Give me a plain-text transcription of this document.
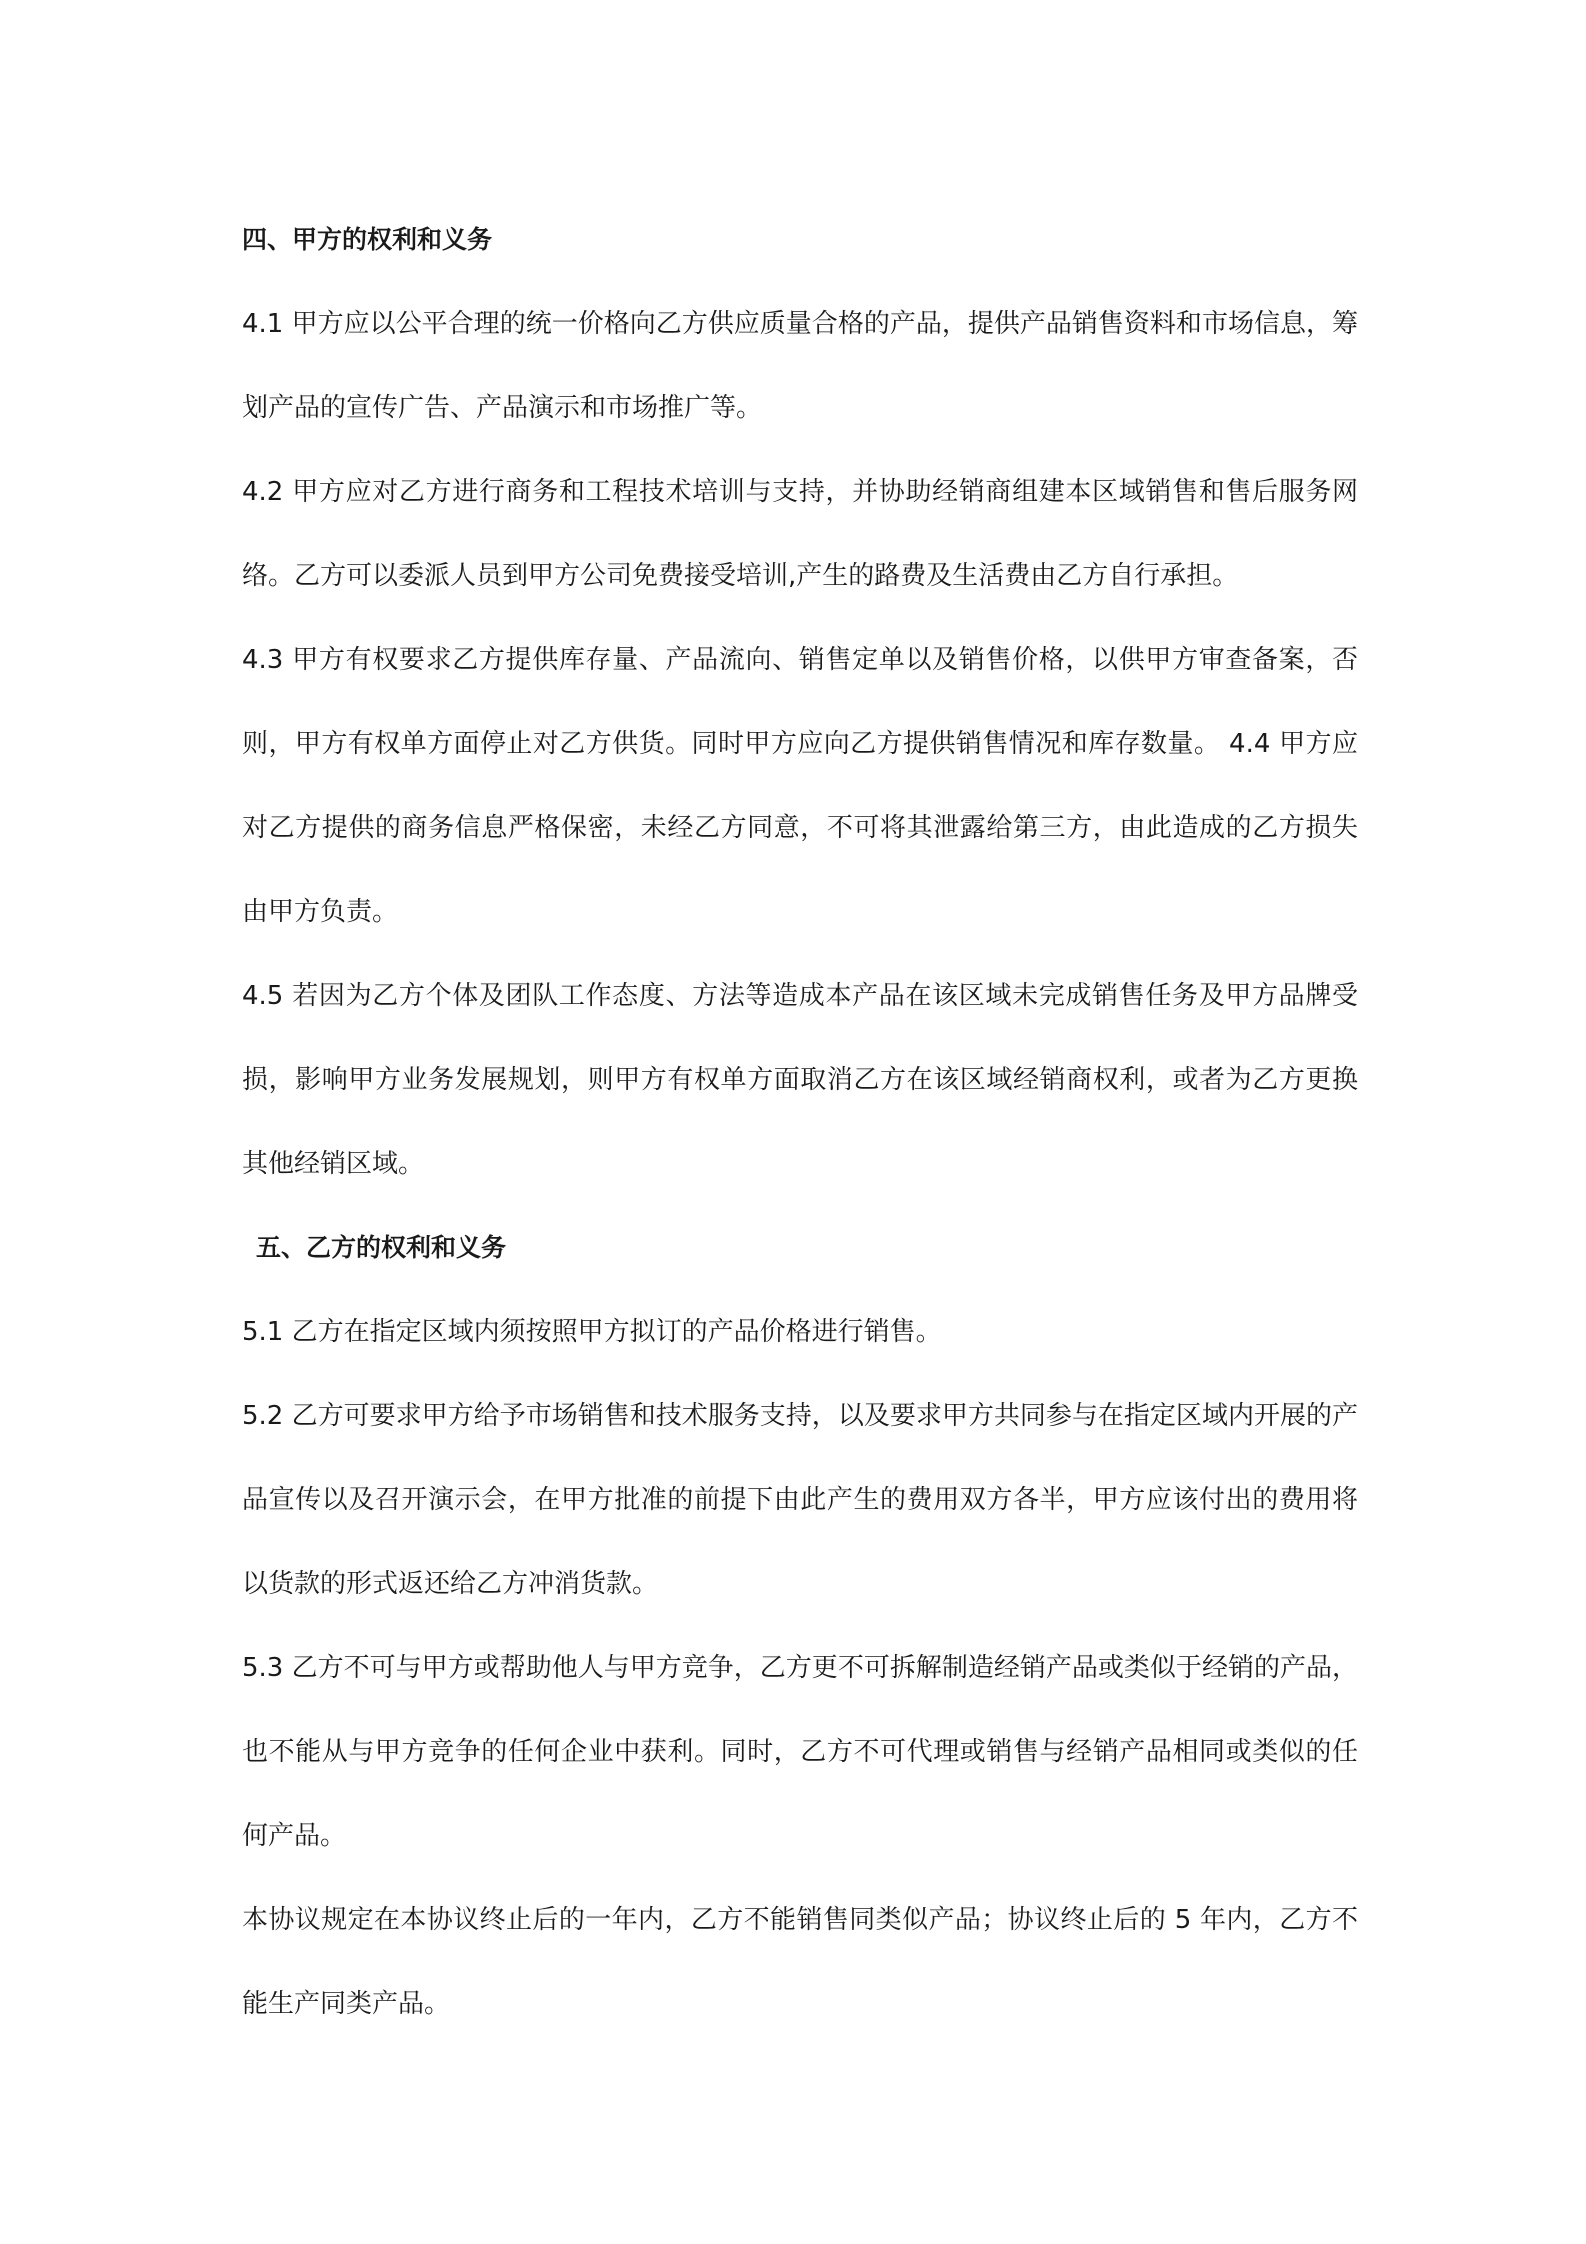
四、甲方的权利和义务

4.1 甲方应以公平合理的统一价格向乙方供应质量合格的产品，提供产品销售资料和市场信息，筹划产品的宣传广告、产品演示和市场推广等。

4.2 甲方应对乙方进行商务和工程技术培训与支持，并协助经销商组建本区域销售和售后服务网络。乙方可以委派人员到甲方公司免费接受培训,产生的路费及生活费由乙方自行承担。

4.3 甲方有权要求乙方提供库存量、产品流向、销售定单以及销售价格，以供甲方审查备案，否则，甲方有权单方面停止对乙方供货。同时甲方应向乙方提供销售情况和库存数量。 4.4 甲方应对乙方提供的商务信息严格保密，未经乙方同意，不可将其泄露给第三方，由此造成的乙方损失由甲方负责。

4.5 若因为乙方个体及团队工作态度、方法等造成本产品在该区域未完成销售任务及甲方品牌受损，影响甲方业务发展规划，则甲方有权单方面取消乙方在该区域经销商权利，或者为乙方更换其他经销区域。

五、乙方的权利和义务

5.1 乙方在指定区域内须按照甲方拟订的产品价格进行销售。

5.2 乙方可要求甲方给予市场销售和技术服务支持，以及要求甲方共同参与在指定区域内开展的产品宣传以及召开演示会，在甲方批准的前提下由此产生的费用双方各半，甲方应该付出的费用将以货款的形式返还给乙方冲消货款。

5.3 乙方不可与甲方或帮助他人与甲方竞争，乙方更不可拆解制造经销产品或类似于经销的产品，也不能从与甲方竞争的任何企业中获利。同时，乙方不可代理或销售与经销产品相同或类似的任何产品。

本协议规定在本协议终止后的一年内，乙方不能销售同类似产品；协议终止后的 5 年内，乙方不能生产同类产品。
